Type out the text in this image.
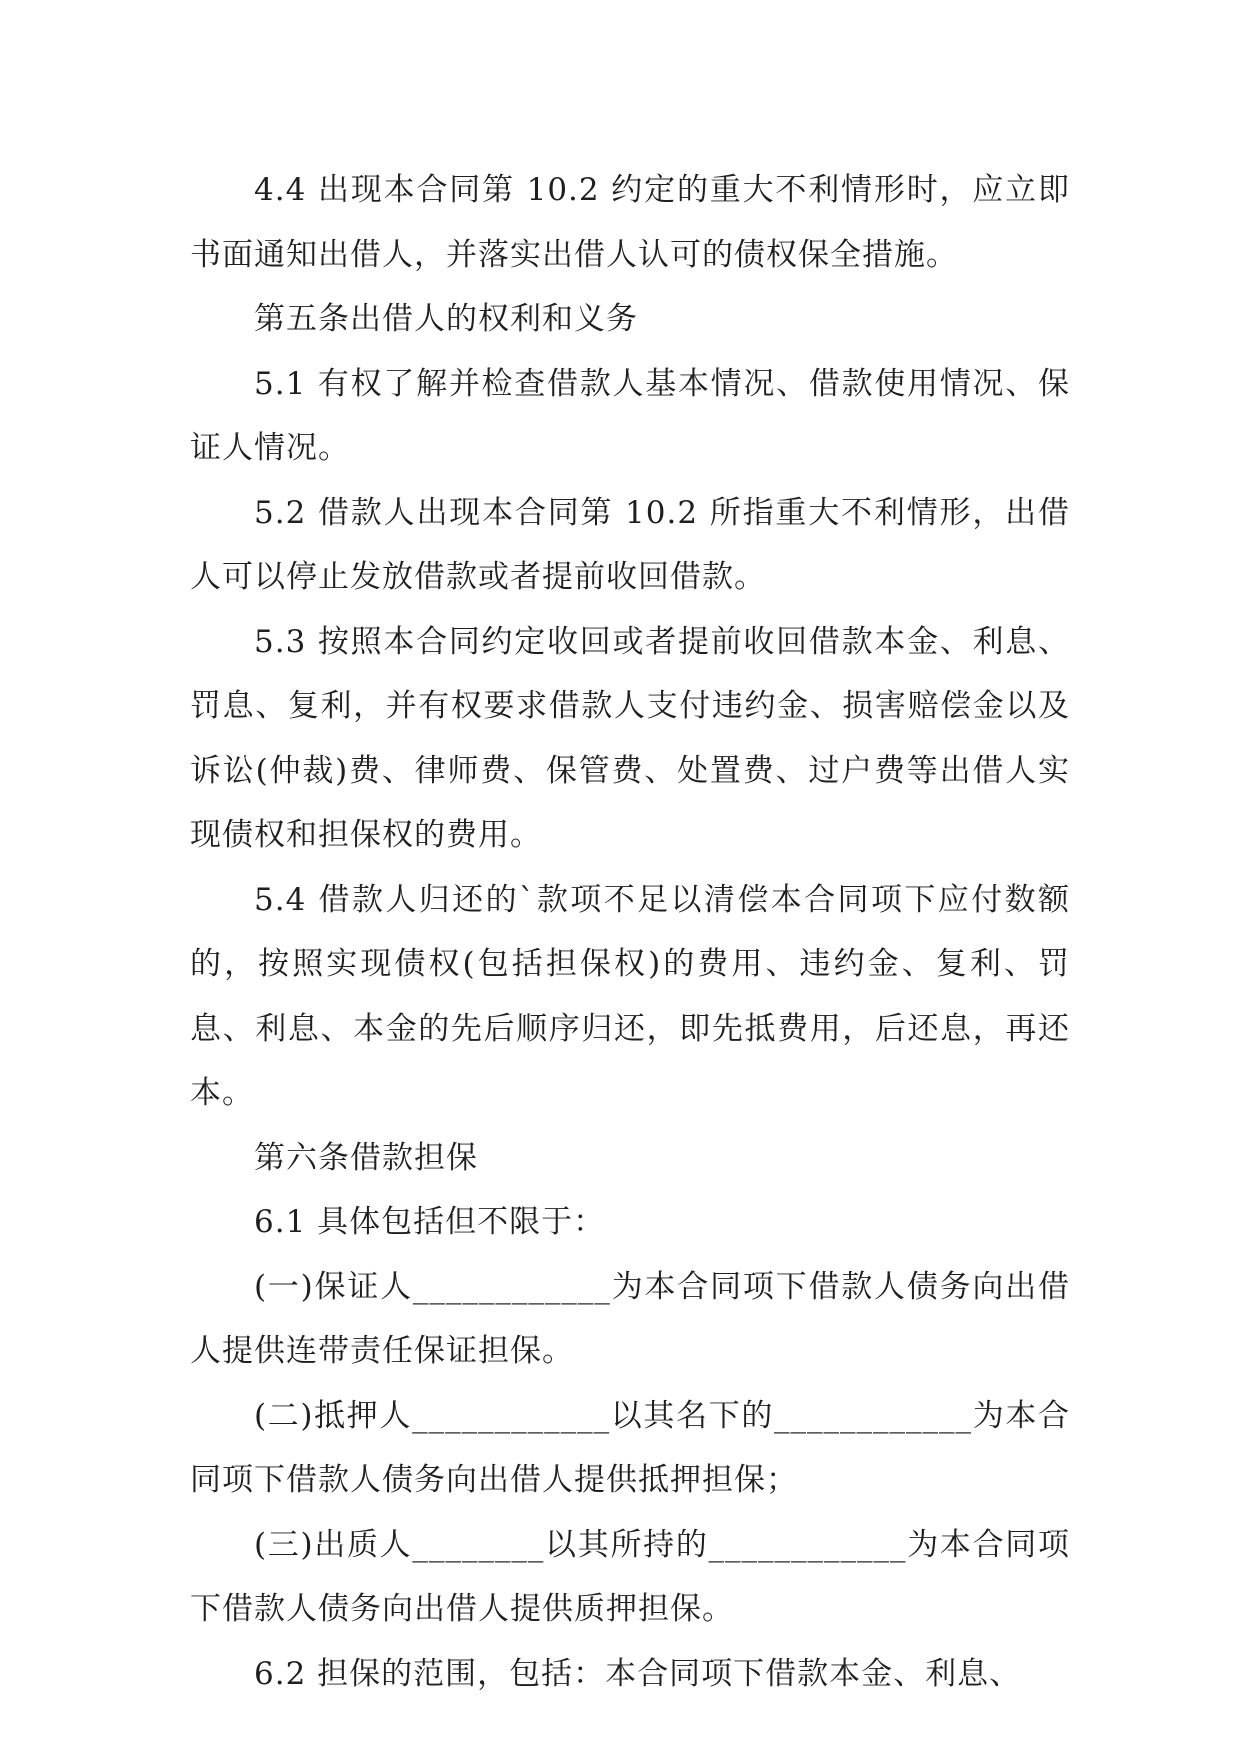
4.4 出现本合同第 10.2 约定的重大不利情形时，应立即书面通知出借人，并落实出借人认可的债权保全措施。

第五条出借人的权利和义务

5.1 有权了解并检查借款人基本情况、借款使用情况、保证人情况。

5.2 借款人出现本合同第 10.2 所指重大不利情形，出借人可以停止发放借款或者提前收回借款。

5.3 按照本合同约定收回或者提前收回借款本金、利息、罚息、复利，并有权要求借款人支付违约金、损害赔偿金以及诉讼(仲裁)费、律师费、保管费、处置费、过户费等出借人实现债权和担保权的费用。

5.4 借款人归还的`款项不足以清偿本合同项下应付数额的，按照实现债权(包括担保权)的费用、违约金、复利、罚息、利息、本金的先后顺序归还，即先抵费用，后还息，再还本。

第六条借款担保

6.1 具体包括但不限于：

(一)保证人____________为本合同项下借款人债务向出借人提供连带责任保证担保。

(二)抵押人____________以其名下的____________为本合同项下借款人债务向出借人提供抵押担保；

(三)出质人________以其所持的____________为本合同项下借款人债务向出借人提供质押担保。

6.2 担保的范围，包括：本合同项下借款本金、利息、
